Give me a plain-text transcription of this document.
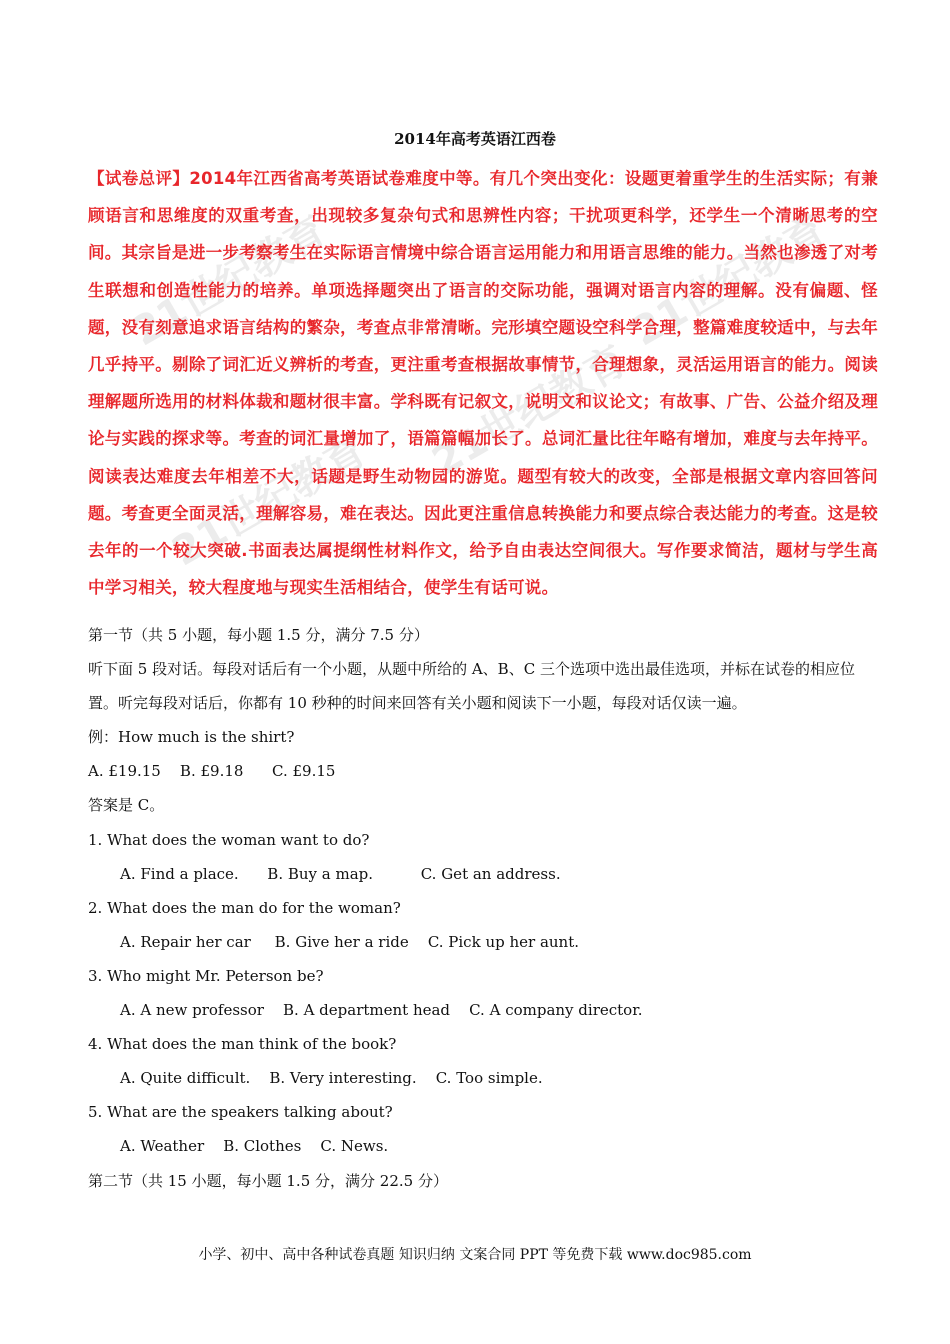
21世纪教育
21世纪教育
21世纪教育
21世纪教育
2014年高考英语江西卷
【试卷总评】2014年江西省高考英语试卷难度中等。有几个突出变化：设题更着重学生的生活实际；有兼顾语言和思维度的双重考查，出现较多复杂句式和思辨性内容；干扰项更科学，还学生一个清晰思考的空间。其宗旨是进一步考察考生在实际语言情境中综合语言运用能力和用语言思维的能力。当然也渗透了对考生联想和创造性能力的培养。单项选择题突出了语言的交际功能，强调对语言内容的理解。没有偏题、怪题，没有刻意追求语言结构的繁杂，考查点非常清晰。完形填空题设空科学合理，整篇难度较适中，与去年几乎持平。剔除了词汇近义辨析的考查，更注重考查根据故事情节，合理想象，灵活运用语言的能力。阅读理解题所选用的材料体裁和题材很丰富。学科既有记叙文，说明文和议论文；有故事、广告、公益介绍及理论与实践的探求等。考查的词汇量增加了，语篇篇幅加长了。总词汇量比往年略有增加，难度与去年持平。阅读表达难度去年相差不大，话题是野生动物园的游览。题型有较大的改变，全部是根据文章内容回答问题。考查更全面灵活，理解容易，难在表达。因此更注重信息转换能力和要点综合表达能力的考查。这是较去年的一个较大突破.书面表达属提纲性材料作文，给予自由表达空间很大。写作要求简洁，题材与学生高中学习相关，较大程度地与现实生活相结合，使学生有话可说。

第一节（共 5 小题，每小题 1.5 分，满分 7.5 分）

听下面 5 段对话。每段对话后有一个小题，从题中所给的 A、B、C 三个选项中选出最佳选项，并标在试卷的相应位置。听完每段对话后，你都有 10 秒种的时间来回答有关小题和阅读下一小题，每段对话仅读一遍。

例：How much is the shirt?

A. £19.15    B. £9.18      C. £9.15

答案是 C。

1. What does the woman want to do?

A. Find a place.      B. Buy a map.          C. Get an address.

2. What does the man do for the woman?

A. Repair her car     B. Give her a ride    C. Pick up her aunt.

3. Who might Mr. Peterson be?

A. A new professor    B. A department head    C. A company director.

4. What does the man think of the book?

A. Quite difficult.    B. Very interesting.    C. Too simple.

5. What are the speakers talking about?

A. Weather    B. Clothes    C. News.

第二节（共 15 小题，每小题 1.5 分，满分 22.5 分）

小学、初中、高中各种试卷真题 知识归纳 文案合同 PPT 等免费下载 www.doc985.com
